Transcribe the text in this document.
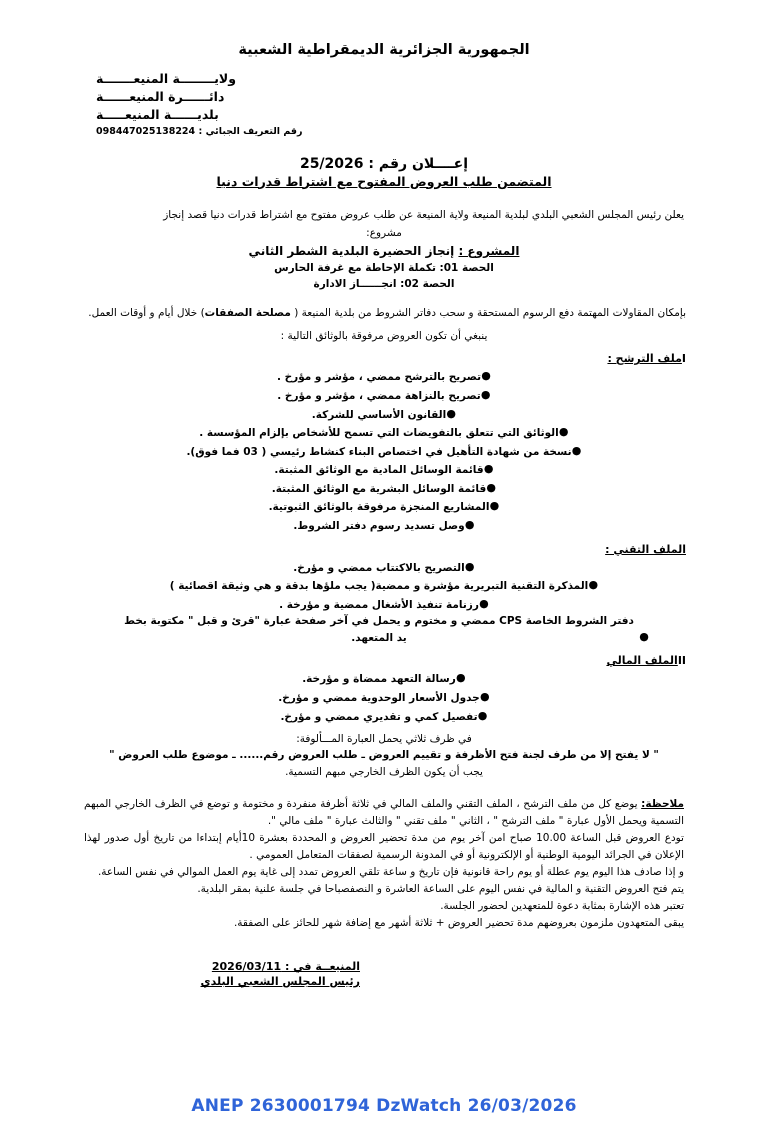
الجمهورية الجزائرية الديمقراطية الشعبية
ولايــــــــة المنيعـــــــة
دائــــــرة المنيعــــــة
بلديــــــة المنيعـــــة
رقم التعريف الجبائي : 098447025138224
إعــــلان رقم : 25/2026
المتضمن طلب العروض المفتوح مع اشتراط قدرات دنيا
يعلن رئيس المجلس الشعبي البلدي لبلدية المنيعة ولاية المنيعة عن طلب عروض مفتوح مع اشتراط قدرات دنيا قصد إنجاز
مشروع:
المشروع : إنجاز الحضيرة البلدية الشطر الثاني
الحصة 01: تكملة الإحاطة مع غرفة الحارس
الحصة 02: انجــــــاز الادارة
بإمكان المقاولات المهتمة دفع الرسوم المستحقة و سحب دفاتر الشروط من بلدية المنيعة ( مصلحة الصفقات) خلال أيام و أوقات العمل.
ينبغي أن تكون العروض مرفوقة بالوثائق التالية :
Iملف الترشح :
●تصريح بالترشح ممضي ، مؤشر و مؤرخ .
●تصريح بالنزاهة ممضي ، مؤشر و مؤرخ .
●القانون الأساسي للشركة.
●الوثائق التي تتعلق بالتفويضات التي تسمح للأشخاص بإلزام المؤسسة .
●نسخة من شهادة التأهيل في اختصاص البناء كنشاط رئيسي ( 03 فما فوق).
●قائمة الوسائل المادية مع الوثائق المثبتة.
●قائمة الوسائل البشرية مع الوثائق المثبتة.
●المشاريع المنجزة مرفوقة بالوثائق الثبوتية.
●وصل تسديد رسوم دفتر الشروط.
الملف التقني :
●التصريح بالاكتتاب ممضي و مؤرخ.
●المذكرة التقنية التبريرية مؤشرة و ممضية( يجب ملؤها بدقة و هي وثيقة اقصائية )
●رزنامة تنفيذ الأشغال ممضية و مؤرخة .
●دفتر الشروط الخاصة CPS ممضي و مختوم و يحمل في آخر صفحة عبارة "قرئ و قبل " مكتوبة بخط يد المتعهد.
IIالملف المالي
●رسالة التعهد ممضاة و مؤرخة.
●جدول الأسعار الوحدوية ممضي و مؤرخ.
●تفصيل كمي و تقديري ممضي و مؤرخ.
في ظرف ثلاثي يحمل العبارة المـــألوفة:
" لا يفتح إلا من طرف لجنة فتح الأظرفة و تقييم العروض ـ طلب العروض رقم...... ـ موضوع طلب العروض "
يجب أن يكون الظرف الخارجي مبهم التسمية.

ملاحظة: يوضع كل من ملف الترشح ، الملف التقني والملف المالي في ثلاثة أظرفة منفردة و مختومة و توضع في الظرف الخارجي المبهم التسمية ويحمل الأول عبارة " ملف الترشح " ، الثاني " ملف تقني " والثالث عبارة " ملف مالي ".

تودع العروض قبل الساعة 10.00 صباح امن آخر يوم من مدة تحضير العروض و المحددة بعشرة 10أيام إبتداءا من تاريخ أول صدور لهذا الإعلان في الجرائد اليومية الوطنية أو الإلكترونية أو في المدونة الرسمية لصفقات المتعامل العمومي .

و إذا صادف هذا اليوم يوم عطلة أو يوم راحة قانونية فإن تاريخ و ساعة تلقي العروض تمدد إلى غاية يوم العمل الموالي في نفس الساعة.

يتم فتح العروض التقنية و المالية في نفس اليوم على الساعة العاشرة و النصفصباحا في جلسة علنية بمقر البلدية.

تعتبر هذه الإشارة بمثابة دعوة للمتعهدين لحضور الجلسة.

يبقى المتعهدون ملزمون بعروضهم مدة تحضير العروض + ثلاثة أشهر مع إضافة شهر للحائز على الصفقة.

المنيعــة في : 2026/03/11
رئيس المجلس الشعبي البلدي
ANEP 2630001794 DzWatch 26/03/2026
